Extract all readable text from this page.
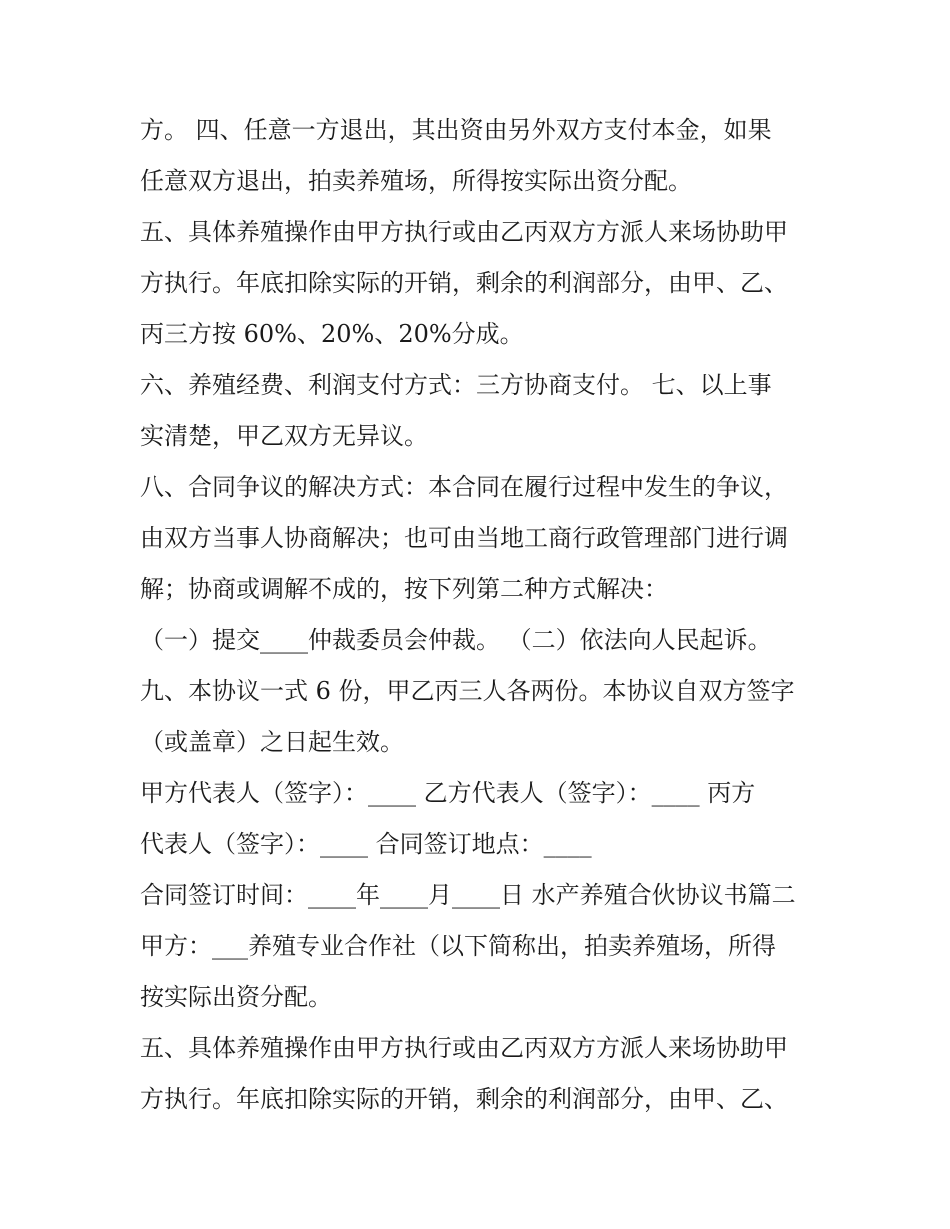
方。 四、任意一方退出，其出资由另外双方支付本金，如果
任意双方退出，拍卖养殖场，所得按实际出资分配。
五、具体养殖操作由甲方执行或由乙丙双方方派人来场协助甲
方执行。年底扣除实际的开销，剩余的利润部分，由甲、乙、
丙三方按 60%、20%、20%分成。
六、养殖经费、利润支付方式：三方协商支付。 七、以上事
实清楚，甲乙双方无异议。
八、合同争议的解决方式：本合同在履行过程中发生的争议，
由双方当事人协商解决；也可由当地工商行政管理部门进行调
解；协商或调解不成的，按下列第二种方式解决：
（一）提交____仲裁委员会仲裁。 （二）依法向人民起诉。
九、本协议一式 6 份，甲乙丙三人各两份。本协议自双方签字
（或盖章）之日起生效。
甲方代表人（签字）：____ 乙方代表人（签字）：____ 丙方
代表人（签字）：____ 合同签订地点：____
合同签订时间：____年____月____日 水产养殖合伙协议书篇二
甲方：___养殖专业合作社（以下简称出，拍卖养殖场，所得
按实际出资分配。
五、具体养殖操作由甲方执行或由乙丙双方方派人来场协助甲
方执行。年底扣除实际的开销，剩余的利润部分，由甲、乙、
